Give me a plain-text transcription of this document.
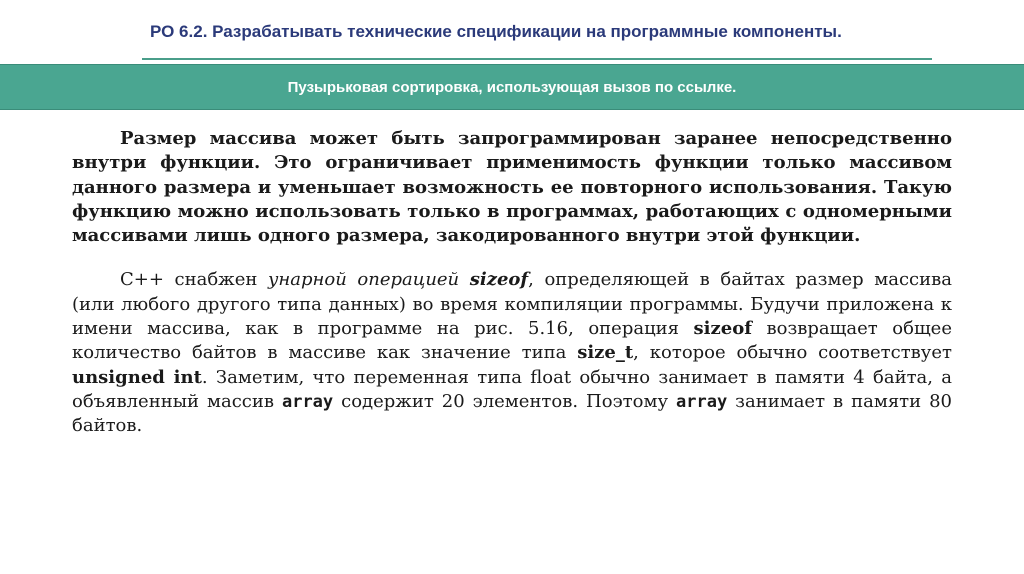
РО 6.2. Разрабатывать технические спецификации на программные компоненты.
Пузырьковая сортировка, использующая вызов по ссылке.

Размер массива может быть запрограммирован заранее непосредственно внутри функции. Это ограничивает применимость функции только массивом данного размера и уменьшает возможность ее повторного использования. Такую функцию можно использовать только в программах, работающих с одномерными массивами лишь одного размера, закодированного внутри этой функции.

C++ снабжен унарной операцией sizeof, определяющей в байтах размер массива (или любого другого типа данных) во время компиляции программы. Будучи приложена к имени массива, как в программе на рис. 5.16, операция sizeof возвращает общее количество байтов в массиве как значение типа size_t, которое обычно соответствует unsigned int. Заметим, что переменная типа float обычно занимает в памяти 4 байта, а объявленный массив array содержит 20 элементов. Поэтому array занимает в памяти 80 байтов.
